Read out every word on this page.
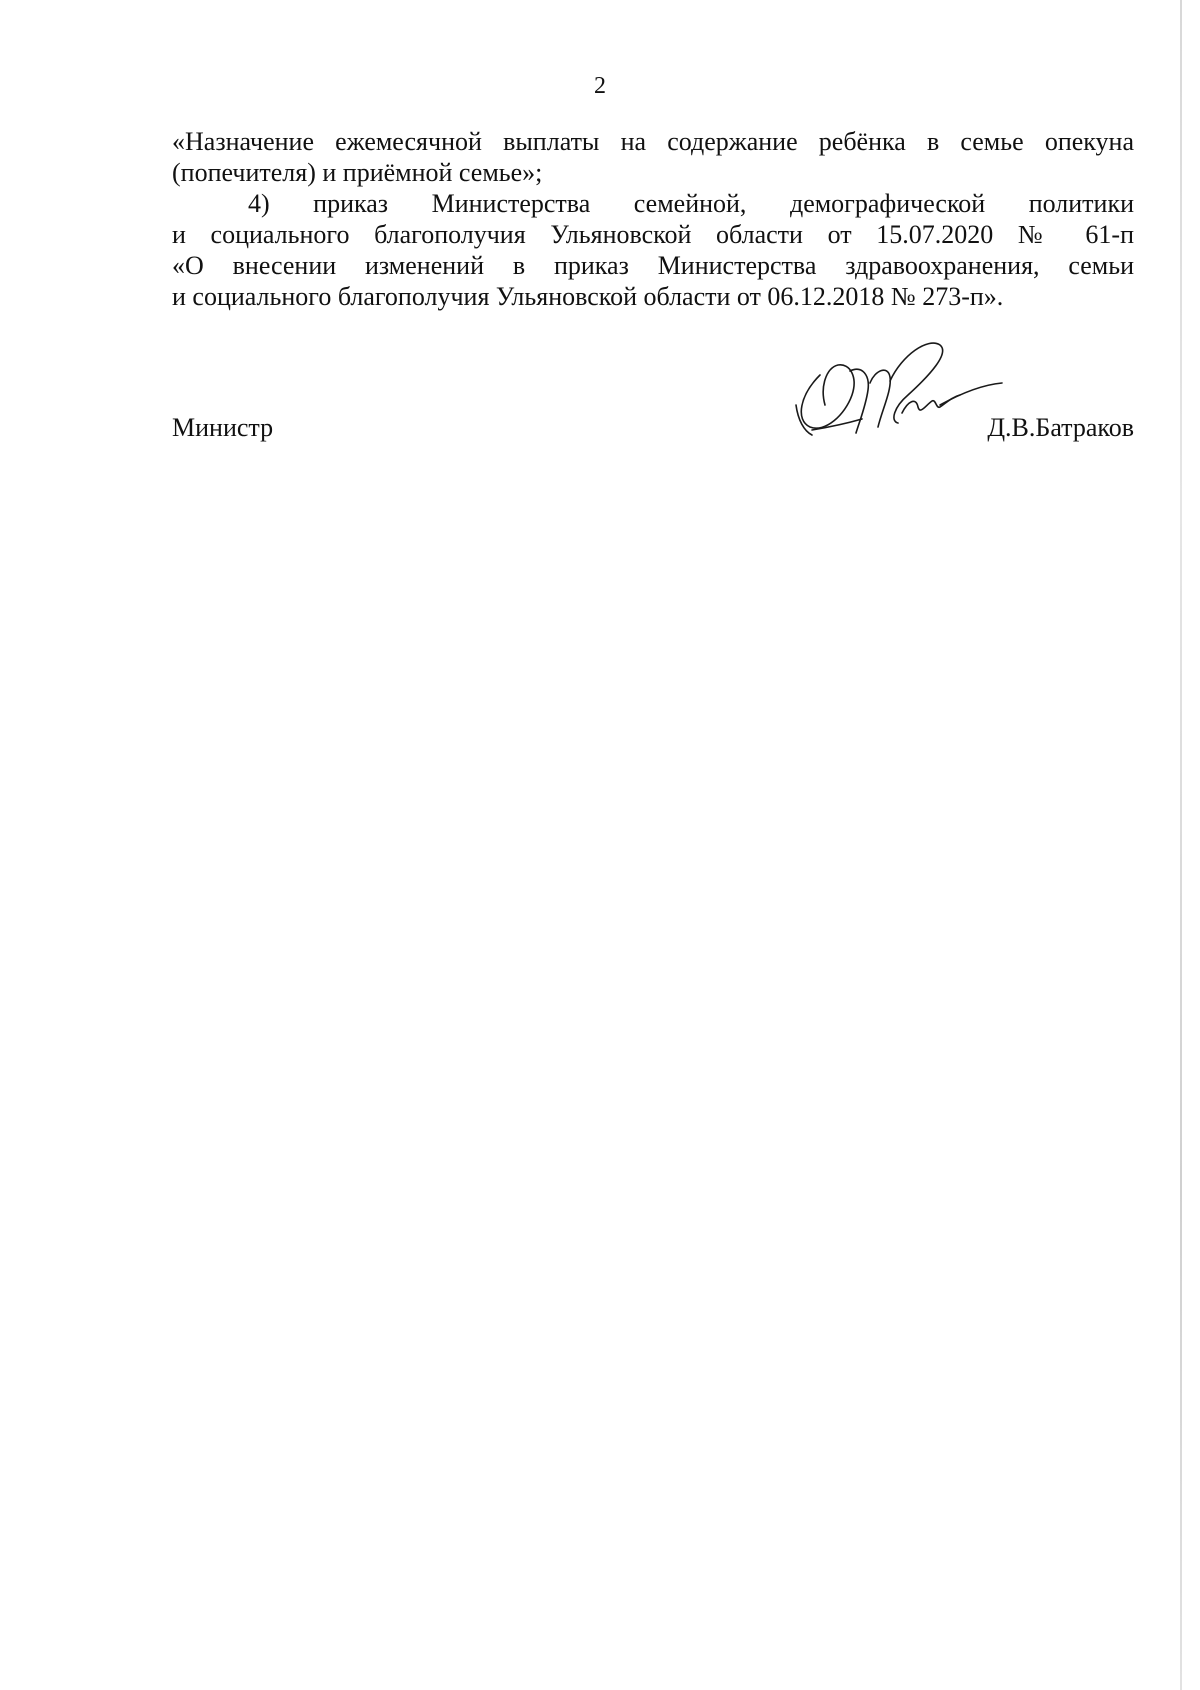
2

«Назначение ежемесячной выплаты на содержание ребёнка в семье опекуна
(попечителя) и приёмной семье»;

4) приказ Министерства семейной, демографической политики
и социального благополучия Ульяновской области от 15.07.2020 № 61-п
«О внесении изменений в приказ Министерства здравоохранения, семьи
и социального благополучия Ульяновской области от 06.12.2018 № 273-п».

Министр	Д.В.Батраков
